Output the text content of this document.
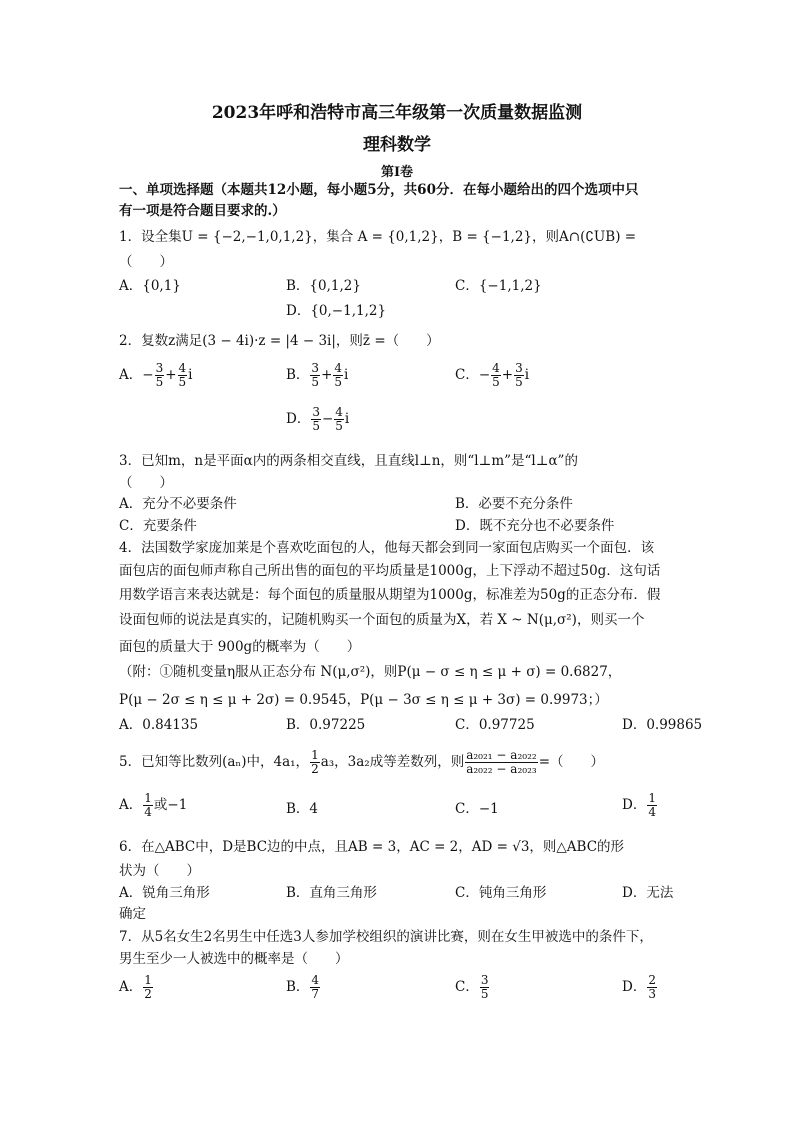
2023年呼和浩特市高三年级第一次质量数据监测
理科数学
第Ⅰ卷
一、单项选择题（本题共12小题，每小题5分，共60分．在每小题给出的四个选项中只
有一项是符合题目要求的.）
1．设全集U = {−2,−1,0,1,2}，集合 A = {0,1,2}，B = {−1,2}，则A∩(∁UB) =
（　　）
A．{0,1}	B．{0,1,2}	C．{−1,1,2}
D．{0,−1,1,2}
2．复数z满足(3 − 4i)·z = |4 − 3i|，则z̄ =（　　）
A．− $\frac{3}{5} + \frac{4}{5}$ i	B． $\frac{3}{5} + \frac{4}{5}$ i	C．− $\frac{4}{5} + \frac{3}{5}$ i
D． $\frac{3}{5} - \frac{4}{5}$ i
3．已知m，n是平面α内的两条相交直线，且直线l⊥n，则“l⊥m”是“l⊥α”的
（　　）
A．充分不必要条件	B．必要不充分条件
C．充要条件	D．既不充分也不必要条件
4．法国数学家庞加莱是个喜欢吃面包的人，他每天都会到同一家面包店购买一个面包．该
面包店的面包师声称自己所出售的面包的平均质量是1000g，上下浮动不超过50g．这句话
用数学语言来表达就是：每个面包的质量服从期望为1000g，标准差为50g的正态分布．假
设面包师的说法是真实的，记随机购买一个面包的质量为X，若 X ~ N(μ,σ²)，则买一个
面包的质量大于 900g的概率为（　　）
（附：①随机变量η服从正态分布 N(μ,σ²)，则P(μ − σ ≤ η ≤ μ + σ) = 0.6827，
P(μ − 2σ ≤ η ≤ μ + 2σ) = 0.9545，P(μ − 3σ ≤ η ≤ μ + 3σ) = 0.9973；）
A．0.84135	B．0.97225	C．0.97725	D．0.99865
5．已知等比数列(aₙ)中，4a₁， $\frac{1}{2} a_3$，3a₂成等差数列，则 $\frac{\text{a₂₀₂₁ − a₂₀₂₂}}{\text{a₂₀₂₂ − a₂₀₂₃}}$ =（　　）
A． $\frac{1}{4}$ 或−1	B．4	C．−1	D． $\frac{1}{4}$
6．在△ABC中，D是BC边的中点，且AB = 3，AC = 2，AD = √3，则△ABC的形
状为（　　）
A．锐角三角形	B．直角三角形	C．钝角三角形	D．无法
确定
7．从5名女生2名男生中任选3人参加学校组织的演讲比赛，则在女生甲被选中的条件下，
男生至少一人被选中的概率是（　　）
A． $\frac{1}{2}$	B． $\frac{4}{7}$	C． $\frac{3}{5}$	D． $\frac{2}{3}$
